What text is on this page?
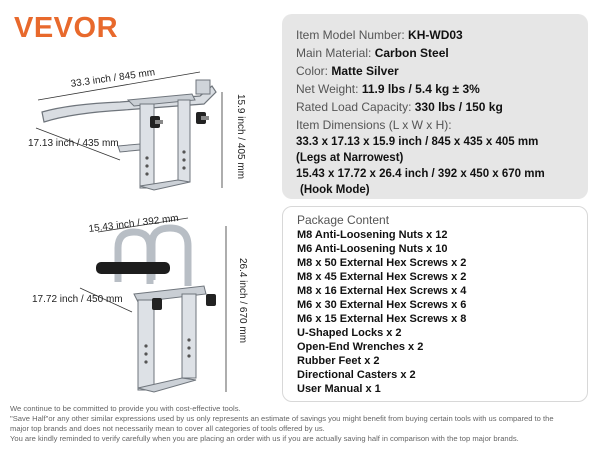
VEVOR
33.3 inch / 845 mm
17.13 inch / 435 mm	15.9 inch / 405 mm
15.43 inch / 392 mm
17.72 inch / 450 mm	26.4 inch / 670 mm
Item Model Number: KH-WD03
Main Material: Carbon Steel
Color: Matte Silver
Net Weight: 11.9 lbs / 5.4 kg ± 3%
Rated Load Capacity: 330 lbs / 150 kg
Item Dimensions (L x W x H):
33.3 x 17.13 x 15.9 inch / 845 x 435 x 405 mm
(Legs at Narrowest)
15.43 x 17.72 x 26.4 inch / 392 x 450 x 670 mm
(Hook Mode)
Package Content
M8 Anti-Loosening Nuts x 12
M6 Anti-Loosening Nuts x 10
M8 x 50 External Hex Screws x 2
M8 x 45 External Hex Screws x 2
M8 x 16 External Hex Screws x 4
M6 x 30 External Hex Screws x 6
M6 x 15 External Hex Screws x 8
U-Shaped Locks x 2
Open-End Wrenches x 2
Rubber Feet x 2
Directional Casters x 2
User Manual x 1
We continue to be committed to provide you with cost-effective tools.
"Save Half"or any other similar expressions used by us only represents an estimate of savings you might benefit from buying certain tools with us compared to the
major top brands and does not necessarily mean to cover all categories of tools offered by us.
You are kindly reminded to verify carefully when you are placing an order with us if you are actually saving half in comparison with the top major brands.
